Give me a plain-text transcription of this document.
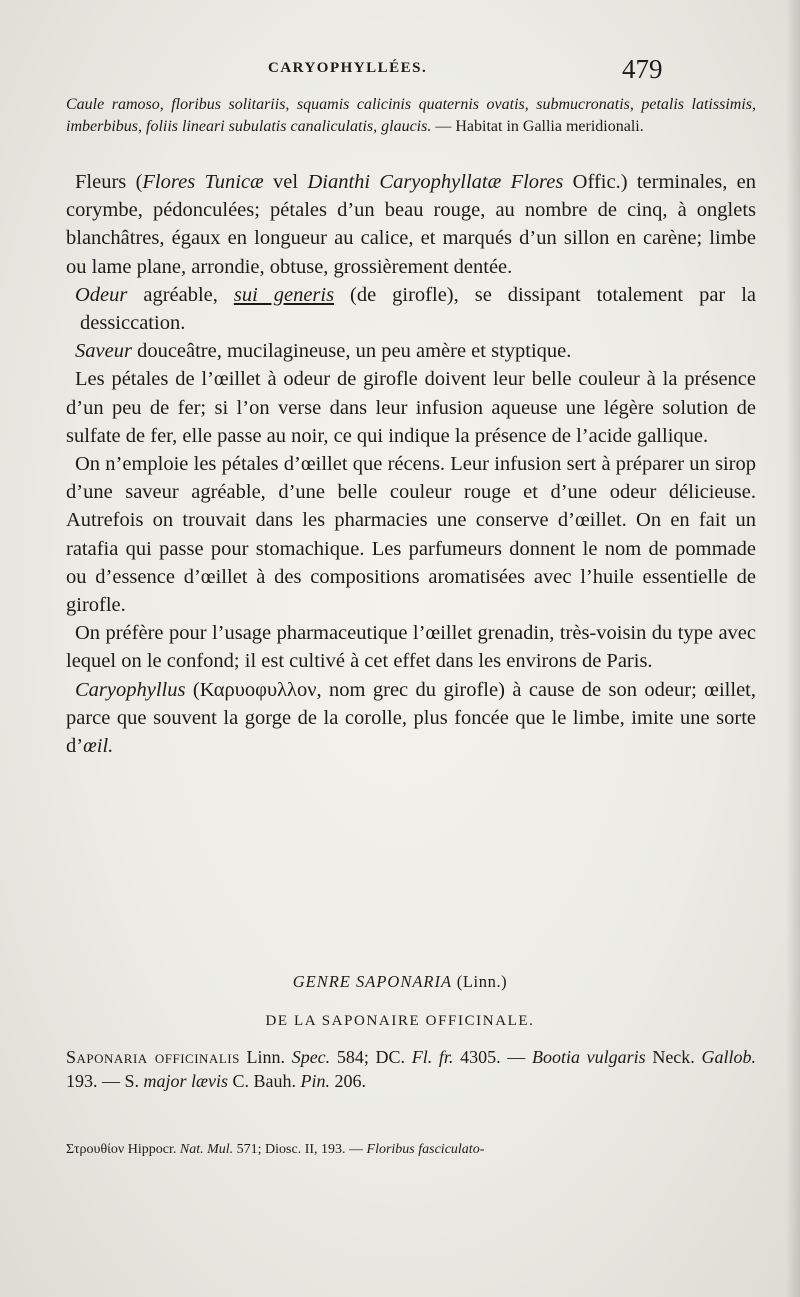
CARYOPHYLLÉES.	479
Caule ramoso, floribus solitariis, squamis calicinis quaternis ovatis, submucronatis, petalis latissimis, imberbibus, foliis lineari subulatis canaliculatis, glaucis. — Habitat in Gallia meridionali.

Fleurs (Flores Tunicæ vel Dianthi Caryophyllatæ Flores Offic.) terminales, en corymbe, pédonculées; pétales d’un beau rouge, au nombre de cinq, à onglets blanchâtres, égaux en longueur au calice, et marqués d’un sillon en carène; limbe ou lame plane, arrondie, obtuse, grossièrement dentée.

Odeur agréable, sui generis (de girofle), se dissipant totalement par la dessiccation.

Saveur douceâtre, mucilagineuse, un peu amère et styptique.

Les pétales de l’œillet à odeur de girofle doivent leur belle couleur à la présence d’un peu de fer; si l’on verse dans leur infusion aqueuse une légère solution de sulfate de fer, elle passe au noir, ce qui indique la présence de l’acide gallique.

On n’emploie les pétales d’œillet que récens. Leur infusion sert à préparer un sirop d’une saveur agréable, d’une belle couleur rouge et d’une odeur délicieuse. Autrefois on trouvait dans les pharmacies une conserve d’œillet. On en fait un ratafia qui passe pour stomachique. Les parfumeurs donnent le nom de pommade ou d’essence d’œillet à des compositions aromatisées avec l’huile essentielle de girofle.

On préfère pour l’usage pharmaceutique l’œillet grenadin, très-voisin du type avec lequel on le confond; il est cultivé à cet effet dans les environs de Paris.

Caryophyllus (Καρυοφυλλον, nom grec du girofle) à cause de son odeur; œillet, parce que souvent la gorge de la corolle, plus foncée que le limbe, imite une sorte d’œil.

GENRE SAPONARIA (Linn.)
DE LA SAPONAIRE OFFICINALE.
Saponaria officinalis Linn. Spec. 584; DC. Fl. fr. 4305. — Bootia vulgaris Neck. Gallob. 193. — S. major lævis C. Bauh. Pin. 206.
Στρουθίον Hippocr. Nat. Mul. 571; Diosc. II, 193. — Floribus fasciculato-
